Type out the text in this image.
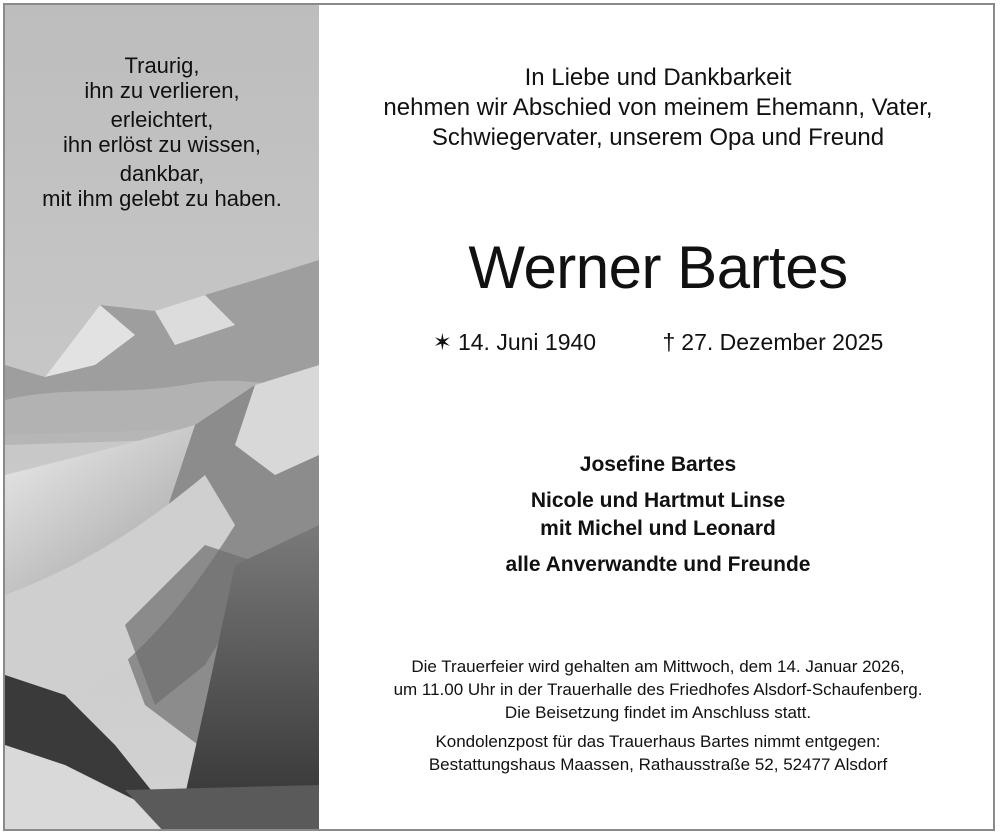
Traurig,
ihn zu verlieren,
erleichtert,
ihn erlöst zu wissen,
dankbar,
mit ihm gelebt zu haben.
In Liebe und Dankbarkeit
nehmen wir Abschied von meinem Ehemann, Vater,
Schwiegervater, unserem Opa und Freund
Werner Bartes
✶ 14. Juni 1940	† 27. Dezember 2025
Josefine Bartes
Nicole und Hartmut Linse
mit Michel und Leonard
alle Anverwandte und Freunde
Die Trauerfeier wird gehalten am Mittwoch, dem 14. Januar 2026,
um 11.00 Uhr in der Trauerhalle des Friedhofes Alsdorf-Schaufenberg.
Die Beisetzung findet im Anschluss statt.
Kondolenzpost für das Trauerhaus Bartes nimmt entgegen:
Bestattungshaus Maassen, Rathausstraße 52, 52477 Alsdorf
